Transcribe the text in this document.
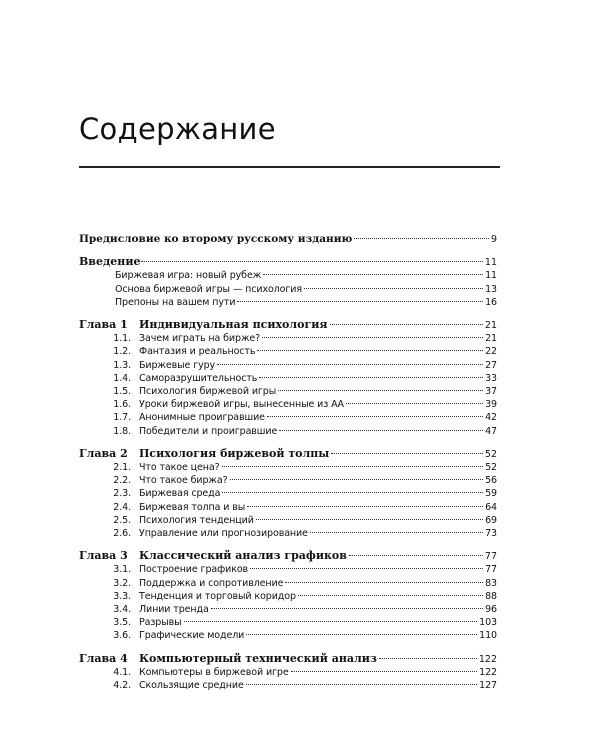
Содержание
Предисловие ко второму русскому изданию	9
Введение	11
Биржевая игра: новый рубеж	11
Основа биржевой игры — психология	13
Препоны на вашем пути	16
Глава 1	Индивидуальная психология	21
1.1. Зачем играть на бирже?	21
1.2. Фантазия и реальность	22
1.3. Биржевые гуру	27
1.4. Саморазрушительность	33
1.5. Психология биржевой игры	37
1.6. Уроки биржевой игры, вынесенные из АА	39
1.7. Анонимные проигравшие	42
1.8. Победители и проигравшие	47
Глава 2	Психология биржевой толпы	52
2.1. Что такое цена?	52
2.2. Что такое биржа?	56
2.3. Биржевая среда	59
2.4. Биржевая толпа и вы	64
2.5. Психология тенденций	69
2.6. Управление или прогнозирование	73
Глава 3	Классический анализ графиков	77
3.1. Построение графиков	77
3.2. Поддержка и сопротивление	83
3.3. Тенденция и торговый коридор	88
3.4. Линии тренда	96
3.5. Разрывы	103
3.6. Графические модели	110
Глава 4	Компьютерный технический анализ	122
4.1. Компьютеры в биржевой игре	122
4.2. Скользящие средние	127
